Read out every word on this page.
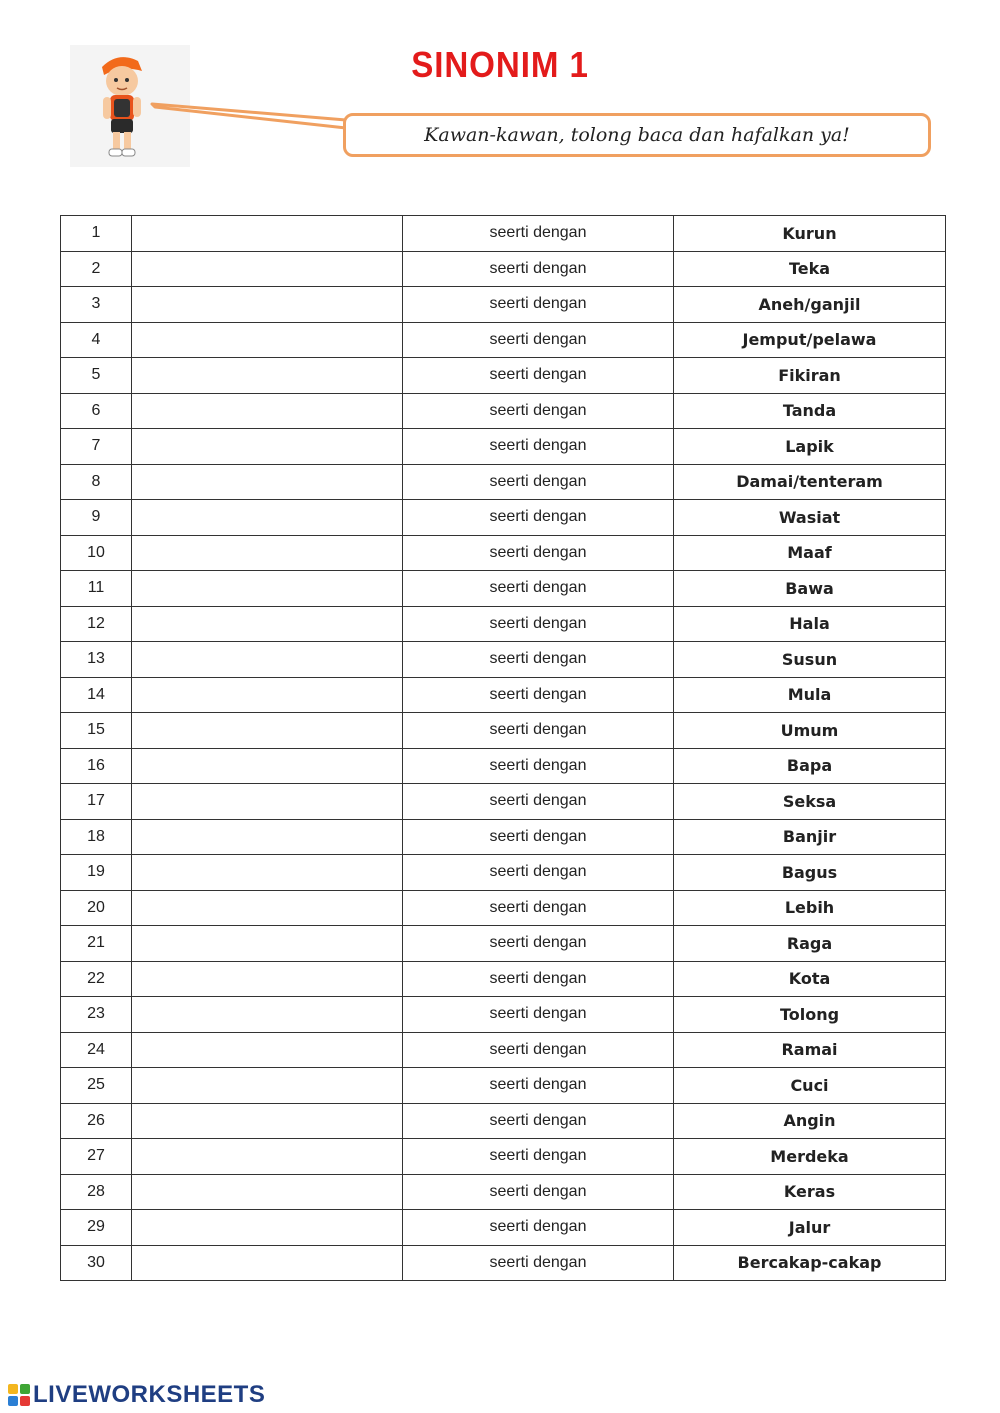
SINONIM 1
Kawan-kawan, tolong baca dan hafalkan ya!
1		seerti dengan	Kurun
2		seerti dengan	Teka
3		seerti dengan	Aneh/ganjil
4		seerti dengan	Jemput/pelawa
5		seerti dengan	Fikiran
6		seerti dengan	Tanda
7		seerti dengan	Lapik
8		seerti dengan	Damai/tenteram
9		seerti dengan	Wasiat
10		seerti dengan	Maaf
11		seerti dengan	Bawa
12		seerti dengan	Hala
13		seerti dengan	Susun
14		seerti dengan	Mula
15		seerti dengan	Umum
16		seerti dengan	Bapa
17		seerti dengan	Seksa
18		seerti dengan	Banjir
19		seerti dengan	Bagus
20		seerti dengan	Lebih
21		seerti dengan	Raga
22		seerti dengan	Kota
23		seerti dengan	Tolong
24		seerti dengan	Ramai
25		seerti dengan	Cuci
26		seerti dengan	Angin
27		seerti dengan	Merdeka
28		seerti dengan	Keras
29		seerti dengan	Jalur
30		seerti dengan	Bercakap-cakap
LIVEWORKSHEETS
